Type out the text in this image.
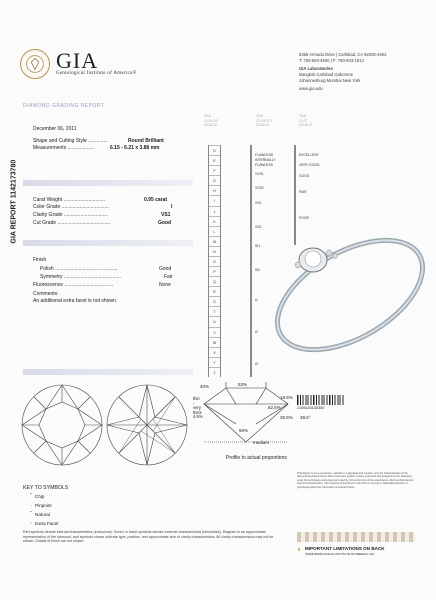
GIA
Gemological Institute of America®
5355 Armada Drive | Carlsbad, CA 92008-4602
T: 760-603-4500 | F: 760-603-1814
GIA Laboratories
Bangkok Carlsbad Gaborone
Johannesburg Mumbai New York
www.gia.edu
DIAMOND GRADING REPORT
GIA REPORT 1142173780
December 06, 2011
Shape and Cutting Style ..............	Round Brilliant
Measurements ...................	6.15 - 6.21 x 3.88 mm
GRADING RESULTS - GIA 4Cs
Carat Weight ..............................	0.95 carat
Color Grade ..................................	I
Clarity Grade ................................	VS1
Cut Grade ......................................	Good
ADDITIONAL GRADING INFORMATION
Finish
Polish .............................................	Good
Symmetry .........................................	Fair
Fluorescence ...................................	None
Comments:
An additional extra facet is not shown.
ADDITIONAL INSPECTION
·
GIA
COLOR
SCALE
GIA
CLARITY
SCALE
GIA
CUT
SCALE
D
E
F
G
H
I
J
K
L
M
N
O
P
Q
R
S
T
U
V
W
X
Y
Z
FLAWLESS
INTERNALLY
FLAWLESS
VVS1
VVS2
VS1
VS2
SI1
SI2
I1
I2
I3
EXCELLENT
VERY GOOD
GOOD
FAIR
POOR
40%	53%
18.5%
62.6%
39.5% 38.6°
thin
-
very
thick
4.5%
60%
medium
Profile to actual proportions
2105143130350
This Report is not a guarantee, valuation or appraisal and contains only the characteristics of the diamond described herein after it has been graded, tested, examined and analyzed by the laboratory using the techniques and equipment used by GIA at the time of the examination. Red symbols denote internal characteristics. The recipient of this Report may wish to consult a credentialed jeweler or gemologist about the information contained herein.
🔒 IMPORTANT LIMITATIONS ON BACK
©2008 GEMOLOGICAL INSTITUTE OF AMERICA, INC.
KEY TO SYMBOLS
ˇ Chip
· Pinpoint
ˆ Natural
◦ Extra Facet
Red symbols denote internal characteristics (inclusions). Green or black symbols denote external characteristics (blemishes). Diagram is an approximate representation of the diamond, and symbols shown indicate type, position, and approximate size of clarity characteristics. All clarity characteristics may not be shown. Details of finish are not shown.
